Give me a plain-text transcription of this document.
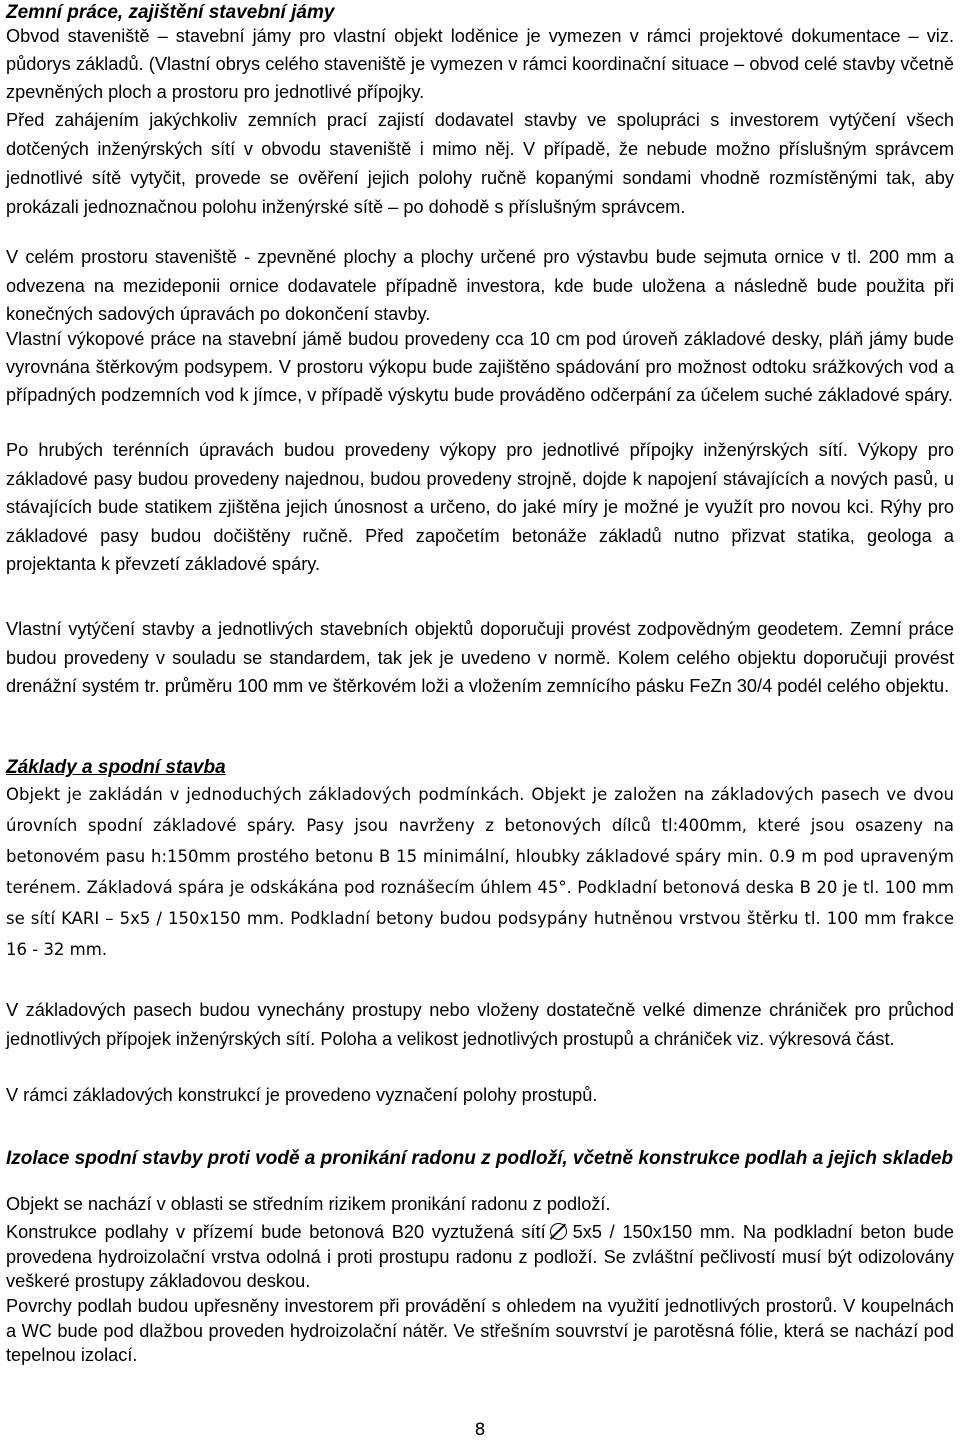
Zemní práce, zajištění stavební jámy

Obvod staveniště – stavební jámy pro vlastní objekt loděnice je vymezen v rámci projektové dokumentace – viz. půdorys základů. (Vlastní obrys celého staveniště je vymezen v rámci koordinační situace – obvod celé stavby včetně zpevněných ploch a prostoru pro jednotlivé přípojky.

Před zahájením jakýchkoliv zemních prací zajistí dodavatel stavby ve spolupráci s investorem vytýčení všech dotčených inženýrských sítí v obvodu staveniště i mimo něj. V případě, že nebude možno příslušným správcem jednotlivé sítě vytyčit, provede se ověření jejich polohy ručně kopanými sondami vhodně rozmístěnými tak, aby prokázali jednoznačnou polohu inženýrské sítě – po dohodě s příslušným správcem.

V celém prostoru staveniště - zpevněné plochy a plochy určené pro výstavbu bude sejmuta ornice v tl. 200 mm a odvezena na mezideponii ornice dodavatele případně investora, kde bude uložena a následně bude použita při konečných sadových úpravách po dokončení stavby.

Vlastní výkopové práce na stavební jámě budou provedeny cca 10 cm pod úroveň základové desky, pláň jámy bude vyrovnána štěrkovým podsypem. V prostoru výkopu bude zajištěno spádování pro možnost odtoku srážkových vod a případných podzemních vod k jímce, v případě výskytu bude prováděno odčerpání za účelem suché základové spáry.

Po hrubých terénních úpravách budou provedeny výkopy pro jednotlivé přípojky inženýrských sítí. Výkopy pro základové pasy budou provedeny najednou, budou provedeny strojně, dojde k napojení stávajících a nových pasů, u stávajících bude statikem zjištěna jejich únosnost a určeno, do jaké míry je možné je využít pro novou kci. Rýhy pro základové pasy budou dočištěny ručně. Před započetím betonáže základů nutno přizvat statika, geologa a projektanta k převzetí základové spáry.

Vlastní vytýčení stavby a jednotlivých stavebních objektů doporučuji provést zodpovědným geodetem. Zemní práce budou provedeny v souladu se standardem, tak jek je uvedeno v normě. Kolem celého objektu doporučuji provést drenážní systém tr. průměru 100 mm ve štěrkovém loži a vložením zemnícího pásku FeZn 30/4 podél celého objektu.

Základy a spodní stavba

Objekt je zakládán v jednoduchých základových podmínkách. Objekt je založen na základových pasech ve dvou úrovních spodní základové spáry. Pasy jsou navrženy z betonových dílců tl:400mm, které jsou osazeny na betonovém pasu h:150mm prostého betonu B 15 minimální, hloubky základové spáry min. 0.9 m pod upraveným terénem. Základová spára je odskákána pod roznášecím úhlem 45°. Podkladní betonová deska B 20 je tl. 100 mm se sítí KARI – 5x5 / 150x150 mm. Podkladní betony budou podsypány hutněnou vrstvou štěrku tl. 100 mm frakce 16 - 32 mm.

V základových pasech budou vynechány prostupy nebo vloženy dostatečně velké dimenze chrániček pro průchod jednotlivých přípojek inženýrských sítí. Poloha a velikost jednotlivých prostupů a chrániček viz. výkresová část.

V rámci základových konstrukcí je provedeno vyznačení polohy prostupů.

Izolace spodní stavby proti vodě a pronikání radonu z podloží, včetně konstrukce podlah a jejich skladeb

Objekt se nachází v oblasti se středním rizikem pronikání radonu z podloží.

Konstrukce podlahy v přízemí bude betonová B20 vyztužená sítí 5x5 / 150x150 mm. Na podkladní beton bude provedena hydroizolační vrstva odolná i proti prostupu radonu z podloží. Se zvláštní pečlivostí musí být odizolovány veškeré prostupy základovou deskou.

Povrchy podlah budou upřesněny investorem při provádění s ohledem na využití jednotlivých prostorů. V koupelnách a WC bude pod dlažbou proveden hydroizolační nátěr. Ve střešním souvrství je parotěsná fólie, která se nachází pod tepelnou izolací.

8
